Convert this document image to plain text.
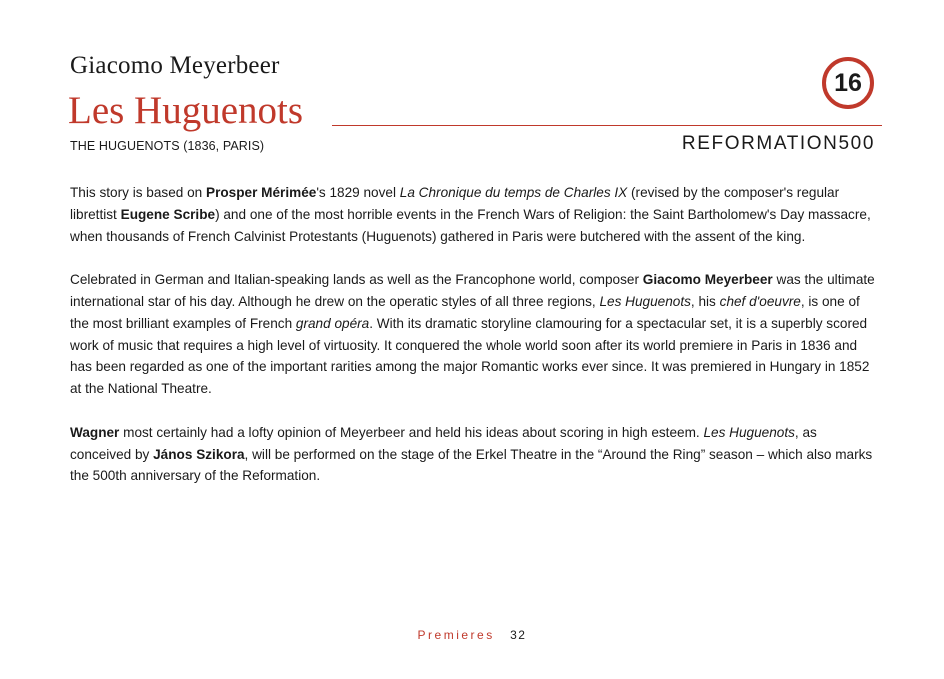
Giacomo Meyerbeer
16
Les Huguenots
THE HUGUENOTS (1836, PARIS)	REFORMATION500

This story is based on Prosper Mérimée's 1829 novel La Chronique du temps de Charles IX (revised by the composer's regular librettist Eugene Scribe) and one of the most horrible events in the French Wars of Religion: the Saint Bartholomew's Day massacre, when thousands of French Calvinist Protestants (Huguenots) gathered in Paris were butchered with the assent of the king.

Celebrated in German and Italian-speaking lands as well as the Francophone world, composer Giacomo Meyerbeer was the ultimate international star of his day. Although he drew on the operatic styles of all three regions, Les Huguenots, his chef d'oeuvre, is one of the most brilliant examples of French grand opéra. With its dramatic storyline clamouring for a spectacular set, it is a superbly scored work of music that requires a high level of virtuosity. It conquered the whole world soon after its world premiere in Paris in 1836 and has been regarded as one of the important rarities among the major Romantic works ever since. It was premiered in Hungary in 1852 at the National Theatre.

Wagner most certainly had a lofty opinion of Meyerbeer and held his ideas about scoring in high esteem. Les Huguenots, as conceived by János Szikora, will be performed on the stage of the Erkel Theatre in the “Around the Ring” season – which also marks the 500th anniversary of the Reformation.

Premieres 32
